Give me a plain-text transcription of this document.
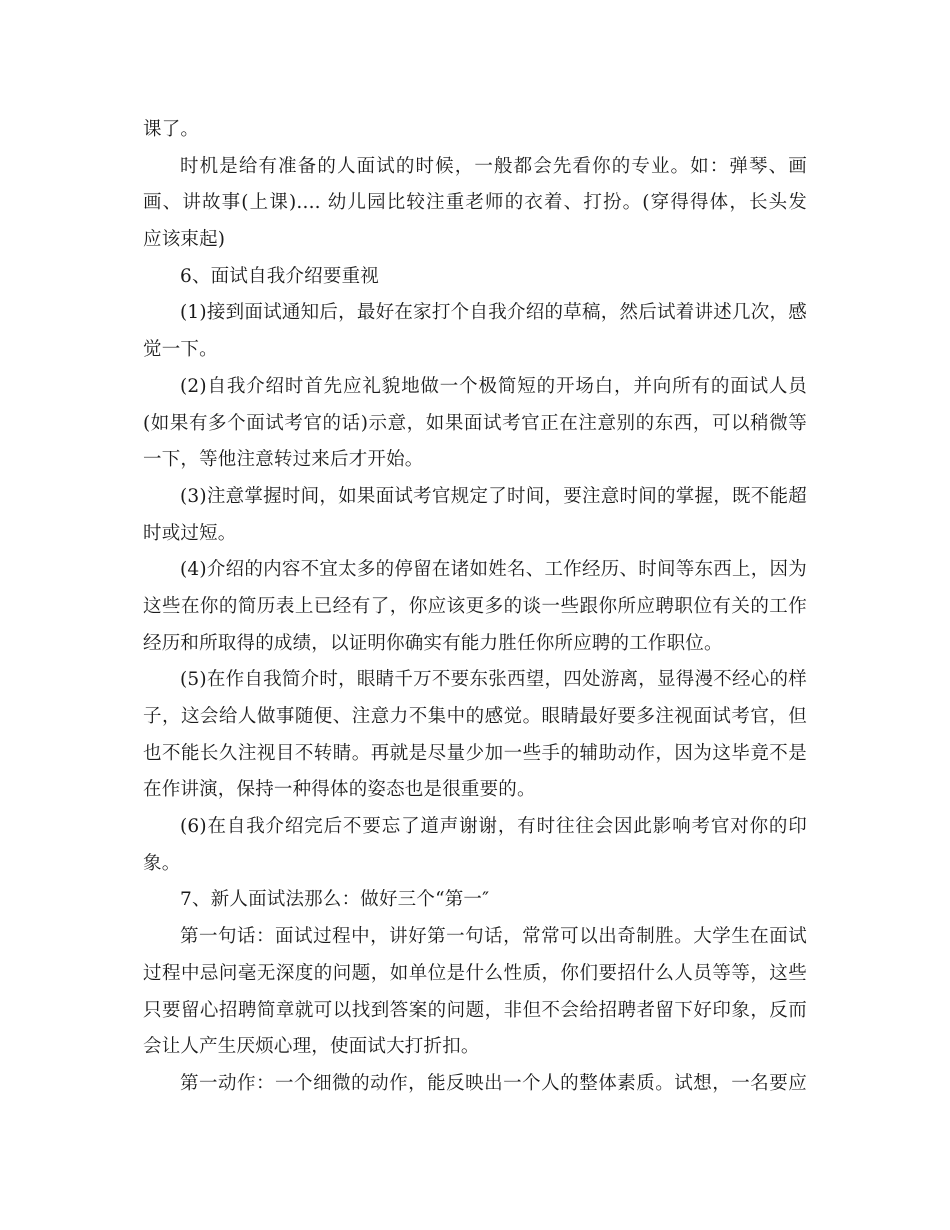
课了。
时机是给有准备的人面试的时候，一般都会先看你的专业。如：弹琴、画
画、讲故事(上课).... 幼儿园比较注重老师的衣着、打扮。(穿得得体，长头发
应该束起)
6、面试自我介绍要重视
(1)接到面试通知后，最好在家打个自我介绍的草稿，然后试着讲述几次，感
觉一下。
(2)自我介绍时首先应礼貌地做一个极简短的开场白，并向所有的面试人员
(如果有多个面试考官的话)示意，如果面试考官正在注意别的东西，可以稍微等
一下，等他注意转过来后才开始。
(3)注意掌握时间，如果面试考官规定了时间，要注意时间的掌握，既不能超
时或过短。
(4)介绍的内容不宜太多的停留在诸如姓名、工作经历、时间等东西上，因为
这些在你的简历表上已经有了，你应该更多的谈一些跟你所应聘职位有关的工作
经历和所取得的成绩，以证明你确实有能力胜任你所应聘的工作职位。
(5)在作自我简介时，眼睛千万不要东张西望，四处游离，显得漫不经心的样
子，这会给人做事随便、注意力不集中的感觉。眼睛最好要多注视面试考官，但
也不能长久注视目不转睛。再就是尽量少加一些手的辅助动作，因为这毕竟不是
在作讲演，保持一种得体的姿态也是很重要的。
(6)在自我介绍完后不要忘了道声谢谢，有时往往会因此影响考官对你的印
象。
7、新人面试法那么：做好三个“第一″
第一句话：面试过程中，讲好第一句话，常常可以出奇制胜。大学生在面试
过程中忌问毫无深度的问题，如单位是什么性质，你们要招什么人员等等，这些
只要留心招聘简章就可以找到答案的问题，非但不会给招聘者留下好印象，反而
会让人产生厌烦心理，使面试大打折扣。
第一动作：一个细微的动作，能反映出一个人的整体素质。试想，一名要应
